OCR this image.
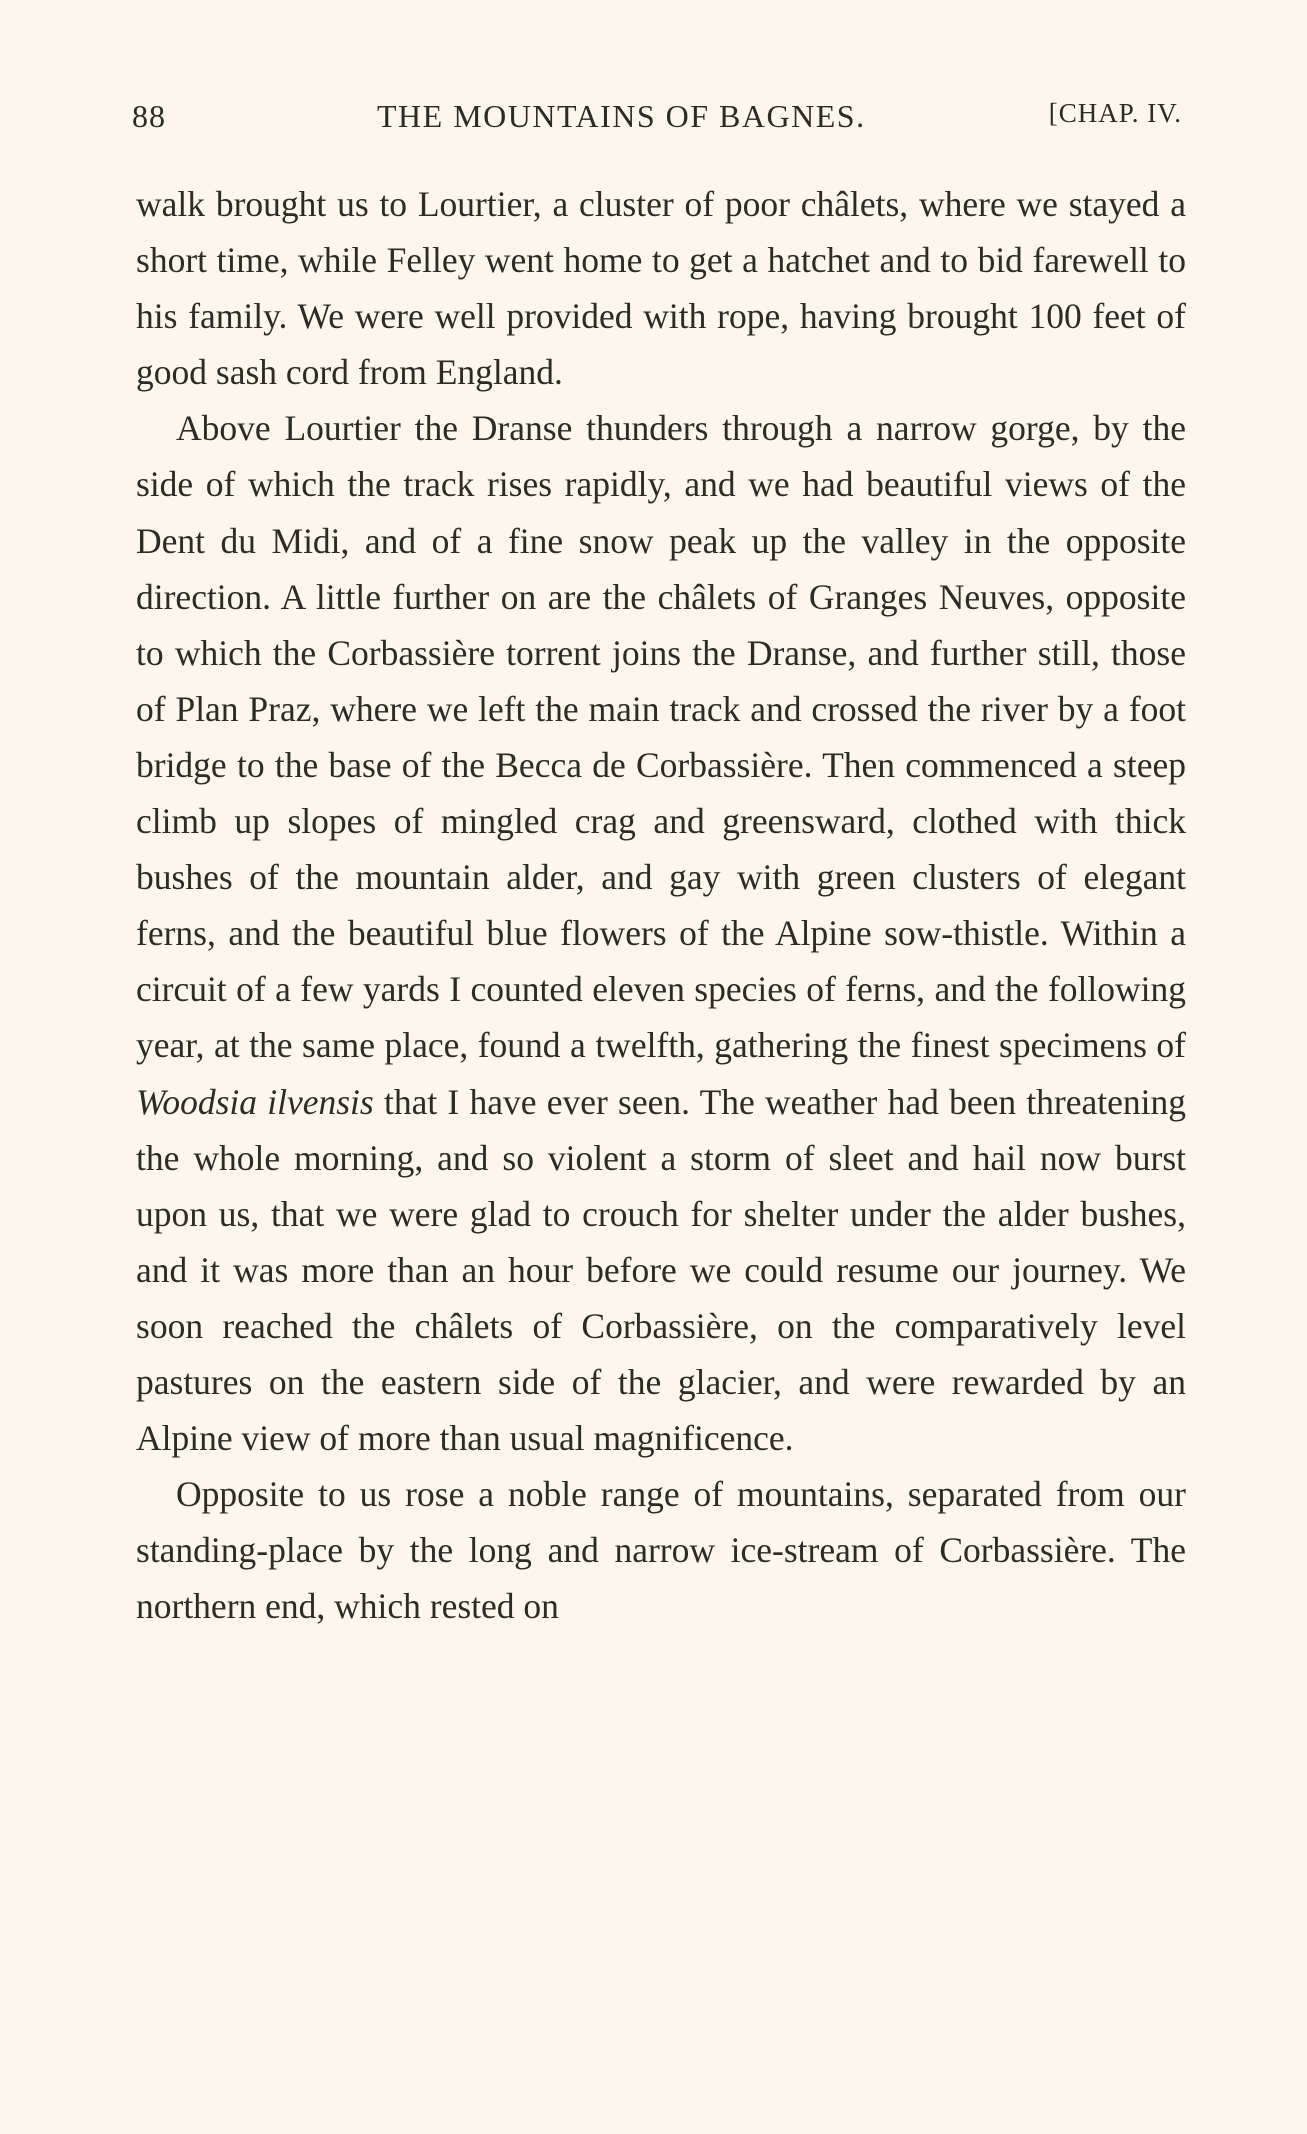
88	THE MOUNTAINS OF BAGNES.	[CHAP. IV.

walk brought us to Lourtier, a cluster of poor châlets, where we stayed a short time, while Felley went home to get a hatchet and to bid farewell to his family. We were well provided with rope, having brought 100 feet of good sash cord from England.

Above Lourtier the Dranse thunders through a narrow gorge, by the side of which the track rises rapidly, and we had beautiful views of the Dent du Midi, and of a fine snow peak up the valley in the opposite direction. A little further on are the châlets of Granges Neuves, opposite to which the Corbassière torrent joins the Dranse, and further still, those of Plan Praz, where we left the main track and crossed the river by a foot bridge to the base of the Becca de Corbassière. Then commenced a steep climb up slopes of mingled crag and greensward, clothed with thick bushes of the mountain alder, and gay with green clusters of elegant ferns, and the beautiful blue flowers of the Alpine sow-thistle. Within a circuit of a few yards I counted eleven species of ferns, and the following year, at the same place, found a twelfth, gathering the finest specimens of Woodsia ilvensis that I have ever seen. The weather had been threatening the whole morning, and so violent a storm of sleet and hail now burst upon us, that we were glad to crouch for shelter under the alder bushes, and it was more than an hour before we could resume our journey. We soon reached the châlets of Corbassière, on the comparatively level pastures on the eastern side of the glacier, and were rewarded by an Alpine view of more than usual magnificence.

Opposite to us rose a noble range of mountains, separated from our standing-place by the long and narrow ice-stream of Corbassière. The northern end, which rested on
